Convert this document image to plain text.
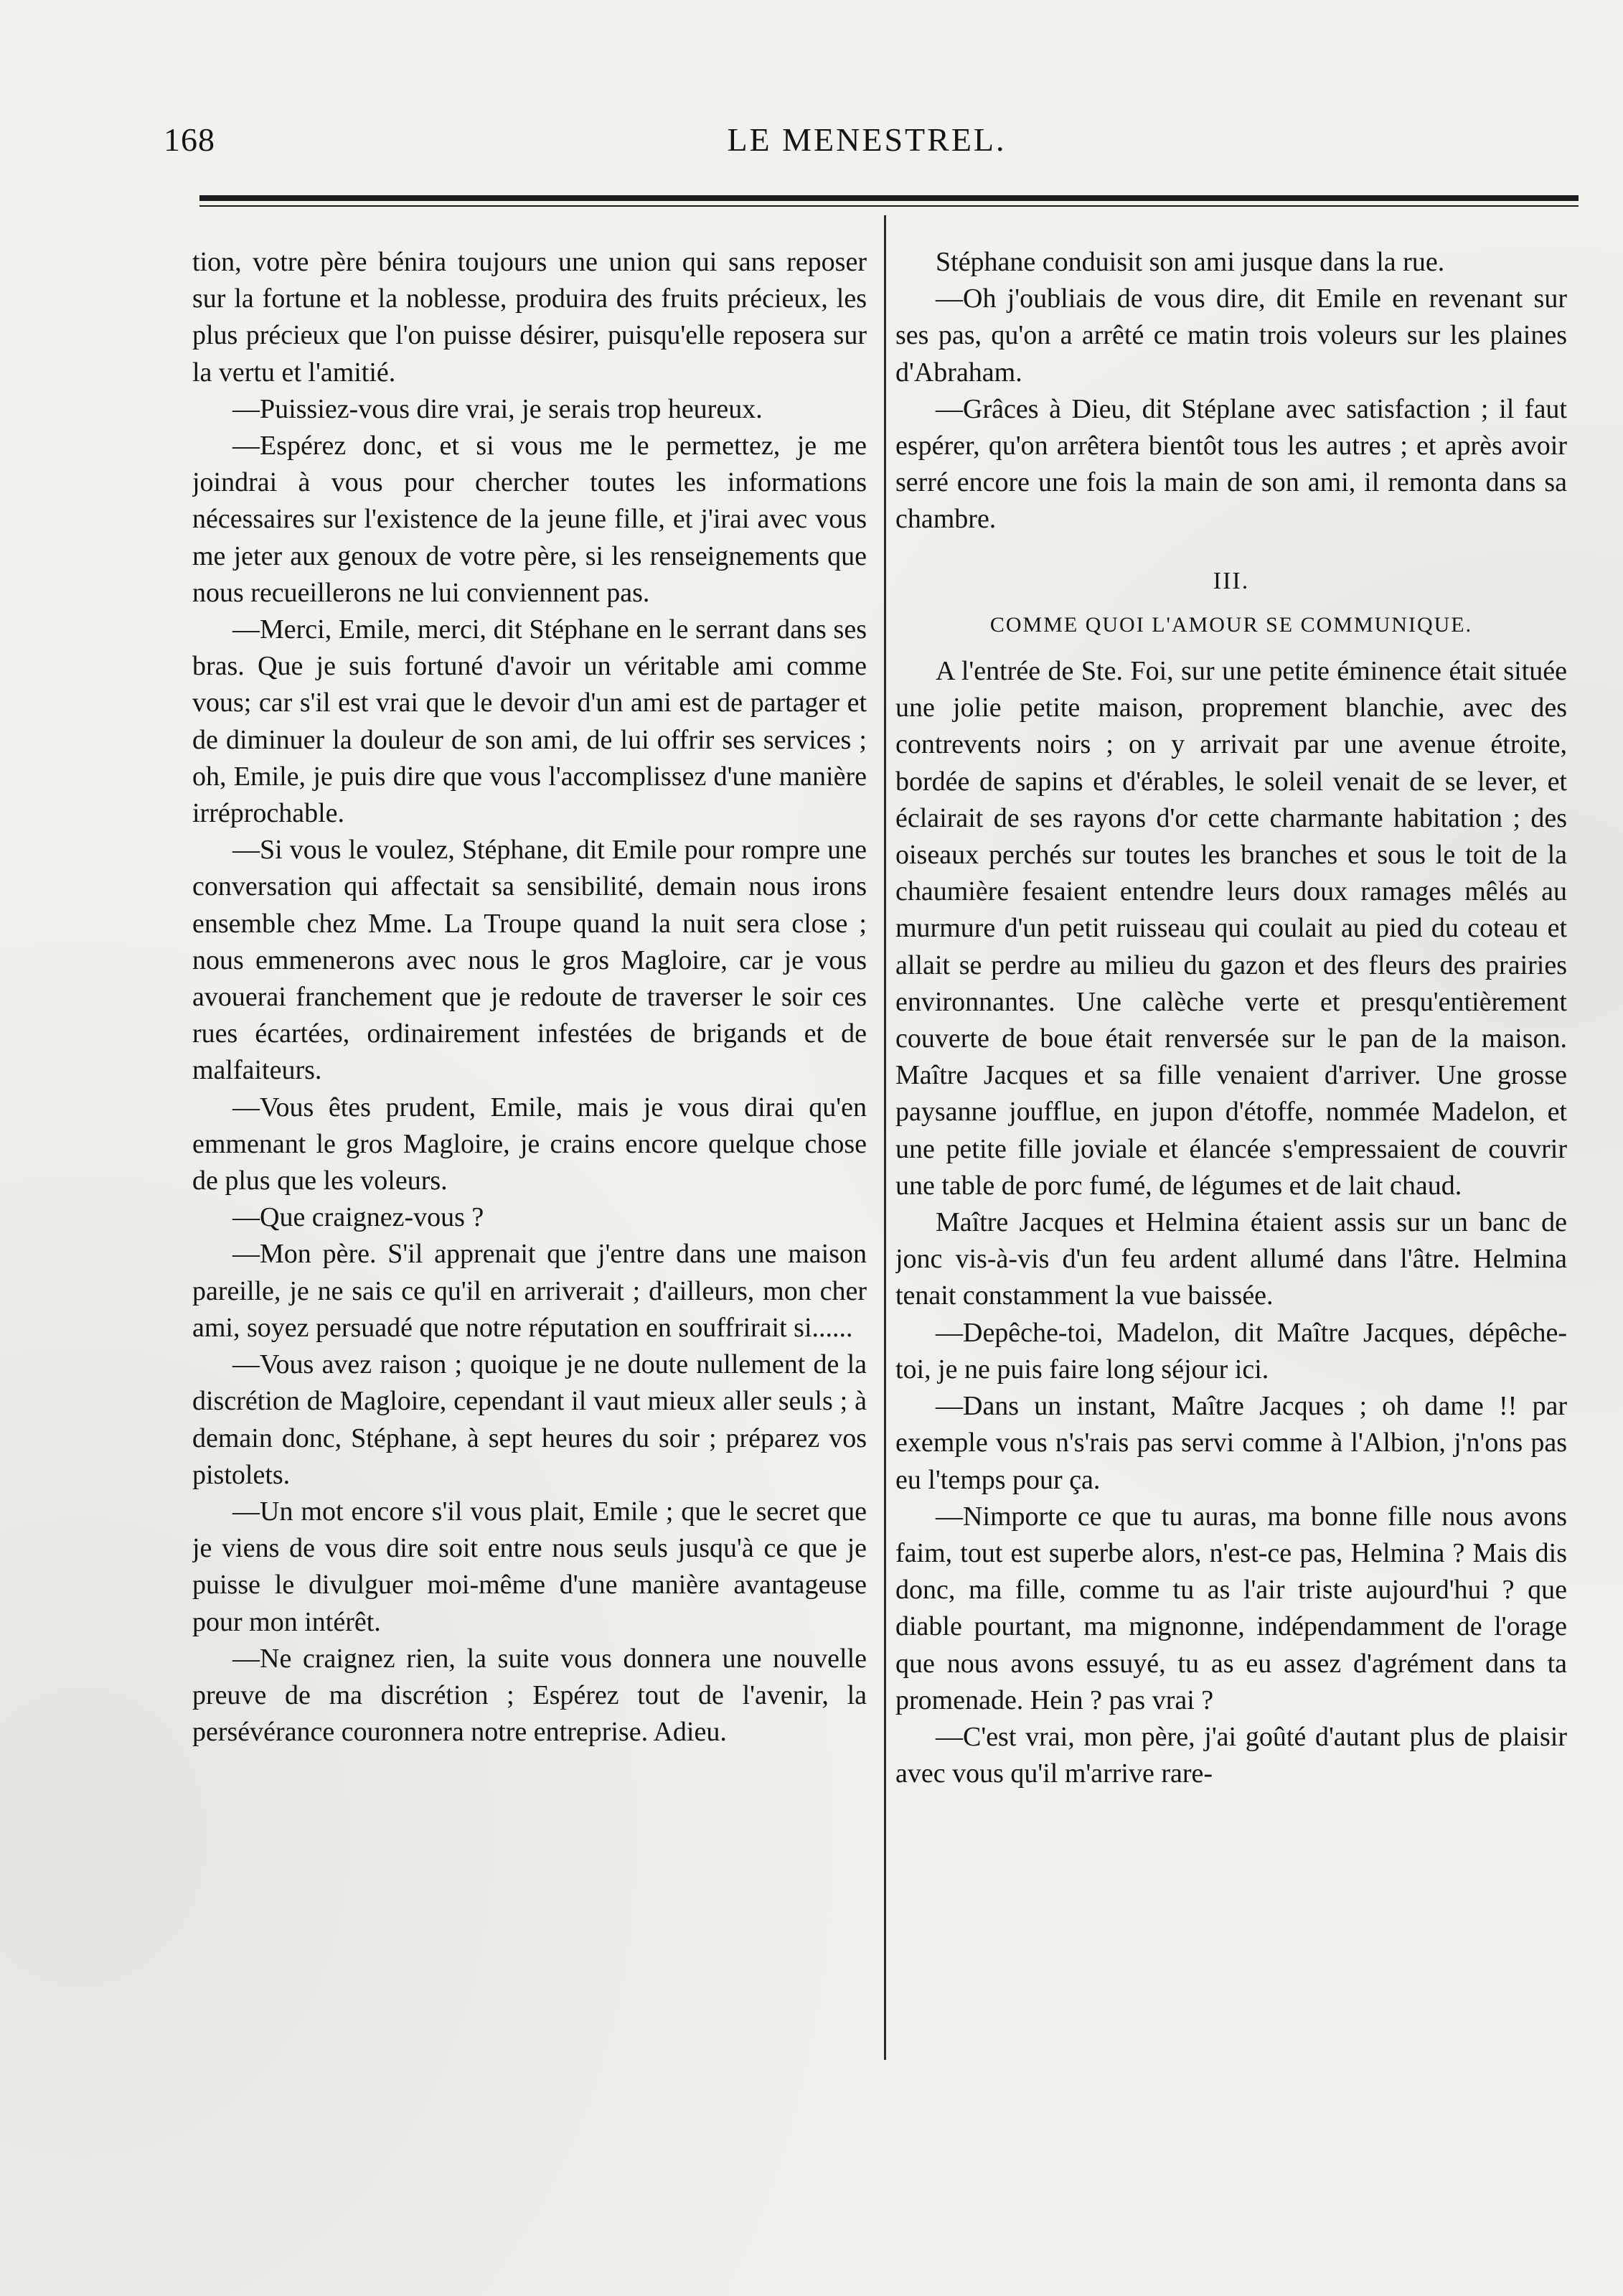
168	LE MENESTREL.

tion, votre père bénira toujours une union qui sans reposer sur la fortune et la noblesse, produira des fruits précieux, les plus précieux que l'on puisse désirer, puisqu'elle reposera sur la vertu et l'amitié.

—Puissiez-vous dire vrai, je serais trop heureux.

—Espérez donc, et si vous me le permettez, je me joindrai à vous pour chercher toutes les informations nécessaires sur l'existence de la jeune fille, et j'irai avec vous me jeter aux genoux de votre père, si les renseignements que nous recueillerons ne lui conviennent pas.

—Merci, Emile, merci, dit Stéphane en le serrant dans ses bras. Que je suis fortuné d'avoir un véritable ami comme vous; car s'il est vrai que le devoir d'un ami est de partager et de diminuer la douleur de son ami, de lui offrir ses services ; oh, Emile, je puis dire que vous l'accomplissez d'une manière irréprochable.

—Si vous le voulez, Stéphane, dit Emile pour rompre une conversation qui affectait sa sensibilité, demain nous irons ensemble chez Mme. La Troupe quand la nuit sera close ; nous emmenerons avec nous le gros Magloire, car je vous avouerai franchement que je redoute de traverser le soir ces rues écartées, ordinairement infestées de brigands et de malfaiteurs.

—Vous êtes prudent, Emile, mais je vous dirai qu'en emmenant le gros Magloire, je crains encore quelque chose de plus que les voleurs.

—Que craignez-vous ?

—Mon père. S'il apprenait que j'entre dans une maison pareille, je ne sais ce qu'il en arriverait ; d'ailleurs, mon cher ami, soyez persuadé que notre réputation en souffrirait si......

—Vous avez raison ; quoique je ne doute nullement de la discrétion de Magloire, cependant il vaut mieux aller seuls ; à demain donc, Stéphane, à sept heures du soir ; préparez vos pistolets.

—Un mot encore s'il vous plait, Emile ; que le secret que je viens de vous dire soit entre nous seuls jusqu'à ce que je puisse le divulguer moi-même d'une manière avantageuse pour mon intérêt.

—Ne craignez rien, la suite vous donnera une nouvelle preuve de ma discrétion ; Espérez tout de l'avenir, la persévérance couronnera notre entreprise. Adieu.

Stéphane conduisit son ami jusque dans la rue.

—Oh j'oubliais de vous dire, dit Emile en revenant sur ses pas, qu'on a arrêté ce matin trois voleurs sur les plaines d'Abraham.

—Grâces à Dieu, dit Stéplane avec satisfaction ; il faut espérer, qu'on arrêtera bientôt tous les autres ; et après avoir serré encore une fois la main de son ami, il remonta dans sa chambre.

III.
COMME QUOI L'AMOUR SE COMMUNIQUE.

A l'entrée de Ste. Foi, sur une petite éminence était située une jolie petite maison, proprement blanchie, avec des contrevents noirs ; on y arrivait par une avenue étroite, bordée de sapins et d'érables, le soleil venait de se lever, et éclairait de ses rayons d'or cette charmante habitation ; des oiseaux perchés sur toutes les branches et sous le toit de la chaumière fesaient entendre leurs doux ramages mêlés au murmure d'un petit ruisseau qui coulait au pied du coteau et allait se perdre au milieu du gazon et des fleurs des prairies environnantes. Une calèche verte et presqu'entièrement couverte de boue était renversée sur le pan de la maison. Maître Jacques et sa fille venaient d'arriver. Une grosse paysanne joufflue, en jupon d'étoffe, nommée Madelon, et une petite fille joviale et élancée s'empressaient de couvrir une table de porc fumé, de légumes et de lait chaud.

Maître Jacques et Helmina étaient assis sur un banc de jonc vis-à-vis d'un feu ardent allumé dans l'âtre. Helmina tenait constamment la vue baissée.

—Depêche-toi, Madelon, dit Maître Jacques, dépêche-toi, je ne puis faire long séjour ici.

—Dans un instant, Maître Jacques ; oh dame !! par exemple vous n's'rais pas servi comme à l'Albion, j'n'ons pas eu l'temps pour ça.

—Nimporte ce que tu auras, ma bonne fille nous avons faim, tout est superbe alors, n'est-ce pas, Helmina ? Mais dis donc, ma fille, comme tu as l'air triste aujourd'hui ? que diable pourtant, ma mignonne, indépendamment de l'orage que nous avons essuyé, tu as eu assez d'agrément dans ta promenade. Hein ? pas vrai ?

—C'est vrai, mon père, j'ai goûté d'autant plus de plaisir avec vous qu'il m'arrive rare-
